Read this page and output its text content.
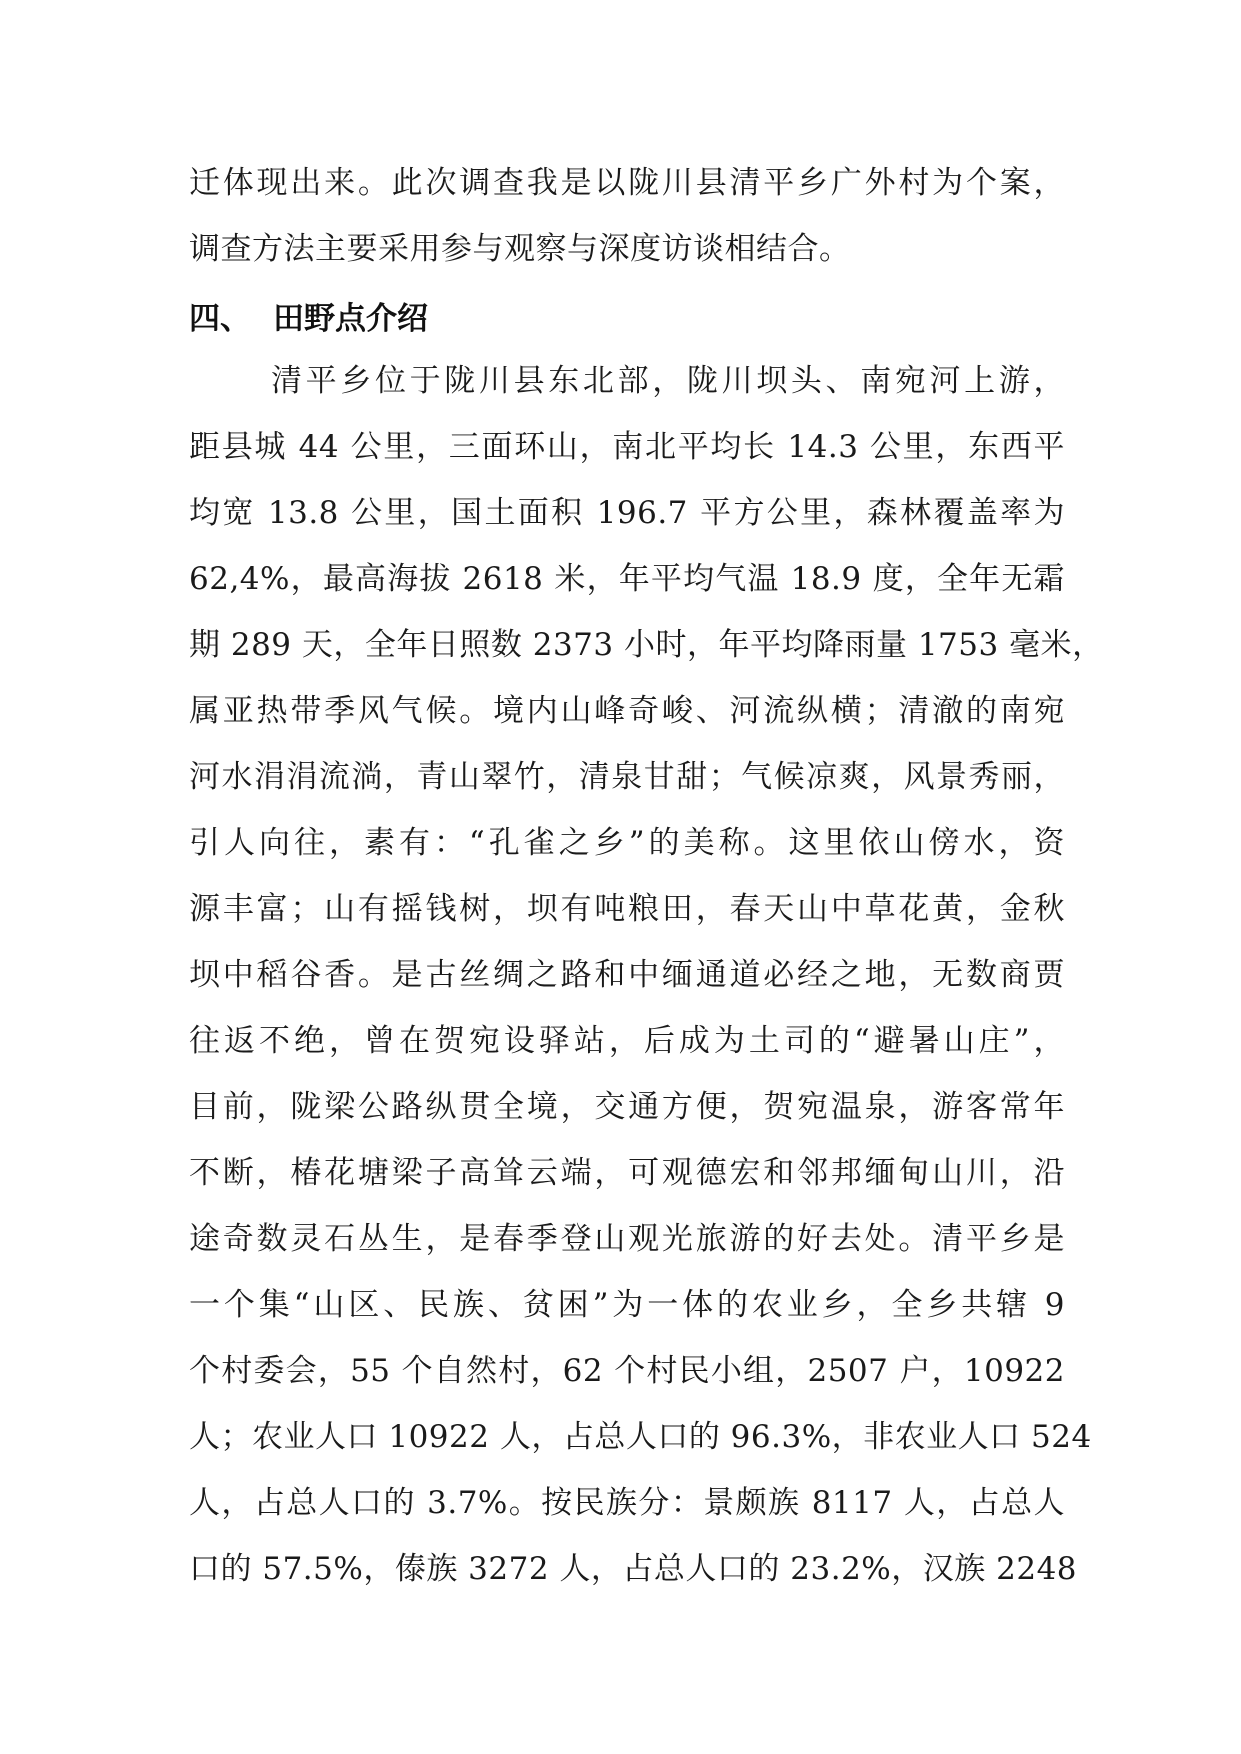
迁体现出来。此次调查我是以陇川县清平乡广外村为个案，
调查方法主要采用参与观察与深度访谈相结合。
四、 田野点介绍
清平乡位于陇川县东北部，陇川坝头、南宛河上游，
距县城 44 公里，三面环山，南北平均长 14.3 公里，东西平
均宽 13.8 公里，国土面积 196.7 平方公里，森林覆盖率为
62,4%，最高海拔 2618 米，年平均气温 18.9 度，全年无霜
期 289 天，全年日照数 2373 小时，年平均降雨量 1753 毫米，
属亚热带季风气候。境内山峰奇峻、河流纵横；清澈的南宛
河水涓涓流淌，青山翠竹，清泉甘甜；气候凉爽，风景秀丽，
引人向往，素有：“孔雀之乡”的美称。这里依山傍水，资
源丰富；山有摇钱树，坝有吨粮田，春天山中草花黄，金秋
坝中稻谷香。是古丝绸之路和中缅通道必经之地，无数商贾
往返不绝，曾在贺宛设驿站，后成为土司的“避暑山庄”，
目前，陇梁公路纵贯全境，交通方便，贺宛温泉，游客常年
不断，椿花塘梁子高耸云端，可观德宏和邻邦缅甸山川，沿
途奇数灵石丛生，是春季登山观光旅游的好去处。清平乡是
一个集“山区、民族、贫困”为一体的农业乡，全乡共辖 9
个村委会，55 个自然村，62 个村民小组，2507 户，10922
人；农业人口 10922 人，占总人口的 96.3%，非农业人口 524
人，占总人口的 3.7%。按民族分：景颇族 8117 人，占总人
口的 57.5%，傣族 3272 人，占总人口的 23.2%，汉族 2248
